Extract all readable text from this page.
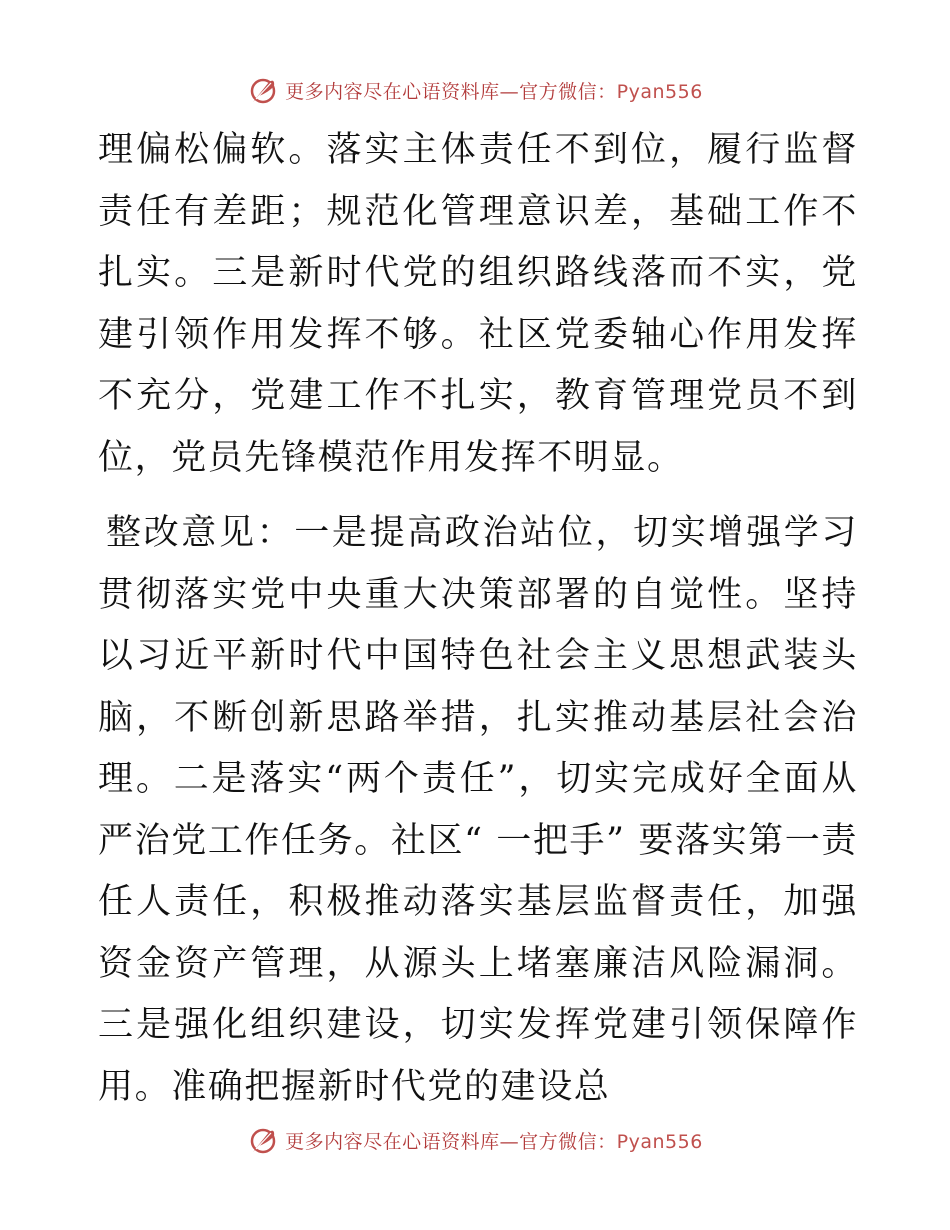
更多内容尽在心语资料库—官方微信：Pyan556

理偏松偏软。落实主体责任不到位，履行监督责任有差距；规范化管理意识差，基础工作不扎实。三是新时代党的组织路线落而不实，党建引领作用发挥不够。社区党委轴心作用发挥不充分，党建工作不扎实，教育管理党员不到位，党员先锋模范作用发挥不明显。

整改意见：一是提高政治站位，切实增强学习贯彻落实党中央重大决策部署的自觉性。坚持以习近平新时代中国特色社会主义思想武装头脑，不断创新思路举措，扎实推动基层社会治理。二是落实“两个责任”，切实完成好全面从严治党工作任务。社区“ 一把手” 要落实第一责任人责任，积极推动落实基层监督责任，加强资金资产管理，从源头上堵塞廉洁风险漏洞。三是强化组织建设，切实发挥党建引领保障作用。准确把握新时代党的建设总

更多内容尽在心语资料库—官方微信：Pyan556
